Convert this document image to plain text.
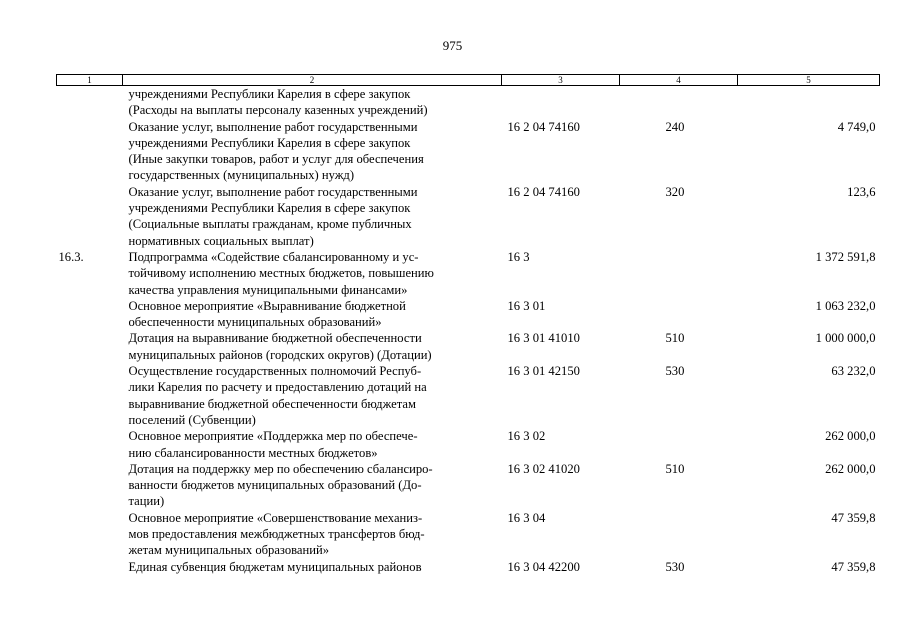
975
1	2	3	4	5

	учреждениями Республики Карелия в сфере закупок
(Расходы на выплаты персоналу казенных учреждений)			

	Оказание услуг, выполнение работ государственными
учреждениями Республики Карелия в сфере закупок
(Иные закупки товаров, работ и услуг для обеспечения
государственных (муниципальных) нужд)	16 2 04 74160	240	4 749,0

	Оказание услуг, выполнение работ государственными
учреждениями Республики Карелия в сфере закупок
(Социальные выплаты гражданам, кроме публичных
нормативных социальных выплат)	16 2 04 74160	320	123,6
16.3.	Подпрограмма «Содействие сбалансированному и ус-
тойчивому исполнению местных бюджетов, повышению
качества управления муниципальными финансами»	16 3		1 372 591,8

	Основное мероприятие «Выравнивание бюджетной
обеспеченности муниципальных образований»	16 3 01		1 063 232,0

	Дотация на выравнивание бюджетной обеспеченности
муниципальных районов (городских округов) (Дотации)	16 3 01 41010	510	1 000 000,0

	Осуществление государственных полномочий Респуб-
лики Карелия по расчету и предоставлению дотаций на
выравнивание бюджетной обеспеченности бюджетам
поселений (Субвенции)	16 3 01 42150	530	63 232,0

	Основное мероприятие «Поддержка мер по обеспече-
нию сбалансированности местных бюджетов»	16 3 02		262 000,0

	Дотация на поддержку мер по обеспечению сбалансиро-
ванности бюджетов муниципальных образований (До-
тации)	16 3 02 41020	510	262 000,0

	Основное мероприятие «Совершенствование механиз-
мов предоставления межбюджетных трансфертов бюд-
жетам муниципальных образований»	16 3 04		47 359,8

	Единая субвенция бюджетам муниципальных районов	16 3 04 42200	530	47 359,8
